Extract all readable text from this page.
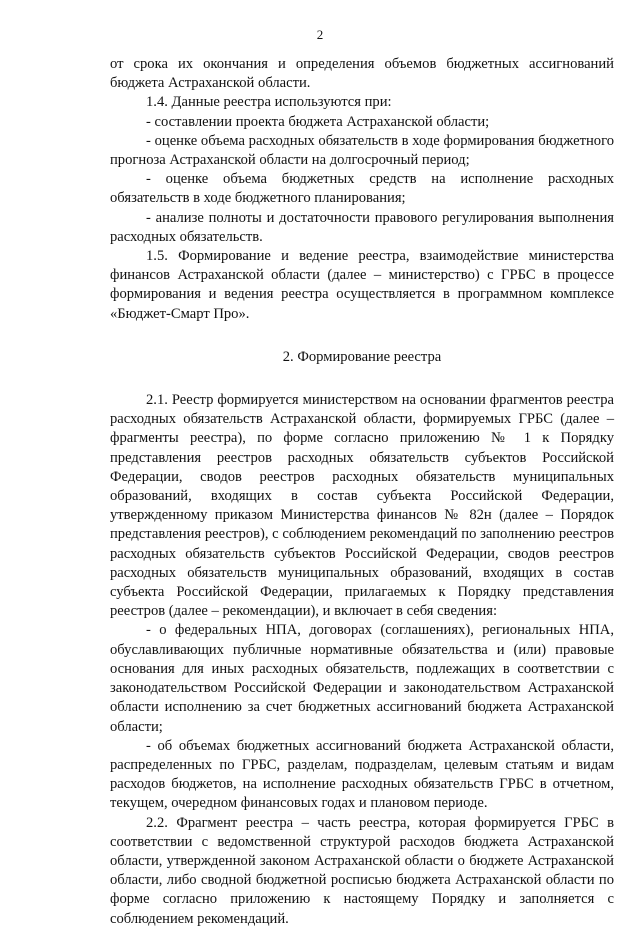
2

от срока их окончания и определения объемов бюджетных ассигнований бюджета Астраханской области.

1.4. Данные реестра используются при:

- составлении проекта бюджета Астраханской области;

- оценке объема расходных обязательств в ходе формирования бюджетного прогноза Астраханской области на долгосрочный период;

- оценке объема бюджетных средств на исполнение расходных обязательств в ходе бюджетного планирования;

- анализе полноты и достаточности правового регулирования выполнения расходных обязательств.

1.5. Формирование и ведение реестра, взаимодействие министерства финансов Астраханской области (далее – министерство) с ГРБС в процессе формирования и ведения реестра осуществляется в программном комплексе «Бюджет-Смарт Про».

2. Формирование реестра

2.1. Реестр формируется министерством на основании фрагментов реестра расходных обязательств Астраханской области, формируемых ГРБС (далее – фрагменты реестра), по форме согласно приложению № 1 к Порядку представления реестров расходных обязательств субъектов Российской Федерации, сводов реестров расходных обязательств муниципальных образований, входящих в состав субъекта Российской Федерации, утвержденному приказом Министерства финансов № 82н (далее – Порядок представления реестров), с соблюдением рекомендаций по заполнению реестров расходных обязательств субъектов Российской Федерации, сводов реестров расходных обязательств муниципальных образований, входящих в состав субъекта Российской Федерации, прилагаемых к Порядку представления реестров (далее – рекомендации), и включает в себя сведения:

- о федеральных НПА, договорах (соглашениях), региональных НПА, обуславливающих публичные нормативные обязательства и (или) правовые основания для иных расходных обязательств, подлежащих в соответствии с законодательством Российской Федерации и законодательством Астраханской области исполнению за счет бюджетных ассигнований бюджета Астраханской области;

- об объемах бюджетных ассигнований бюджета Астраханской области, распределенных по ГРБС, разделам, подразделам, целевым статьям и видам расходов бюджетов, на исполнение расходных обязательств ГРБС в отчетном, текущем, очередном финансовых годах и плановом периоде.

2.2. Фрагмент реестра – часть реестра, которая формируется ГРБС в соответствии с ведомственной структурой расходов бюджета Астраханской области, утвержденной законом Астраханской области о бюджете Астраханской области, либо сводной бюджетной росписью бюджета Астраханской области по форме согласно приложению к настоящему Порядку и заполняется с соблюдением рекомендаций.
